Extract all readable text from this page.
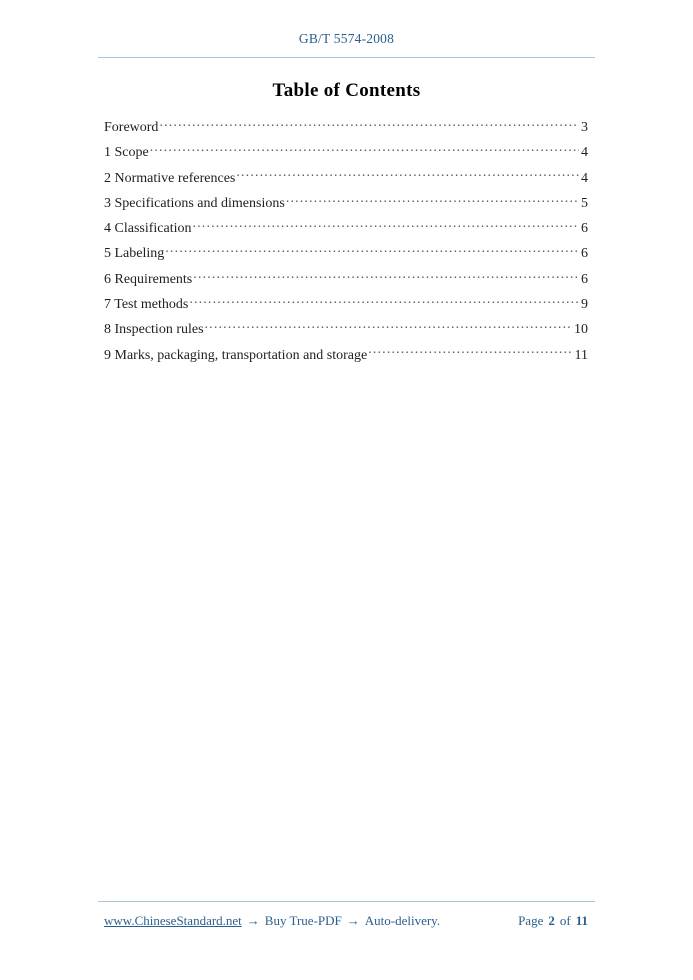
GB/T 5574-2008
Table of Contents
Foreword .....	3
1 Scope .....	4
2 Normative references .....	4
3 Specifications and dimensions .....	5
4 Classification .....	6
5 Labeling .....	6
6 Requirements .....	6
7 Test methods .....	9
8 Inspection rules .....	10
9 Marks, packaging, transportation and storage .....	11
www.ChineseStandard.net → Buy True-PDF → Auto-delivery.	Page 2 of 11
